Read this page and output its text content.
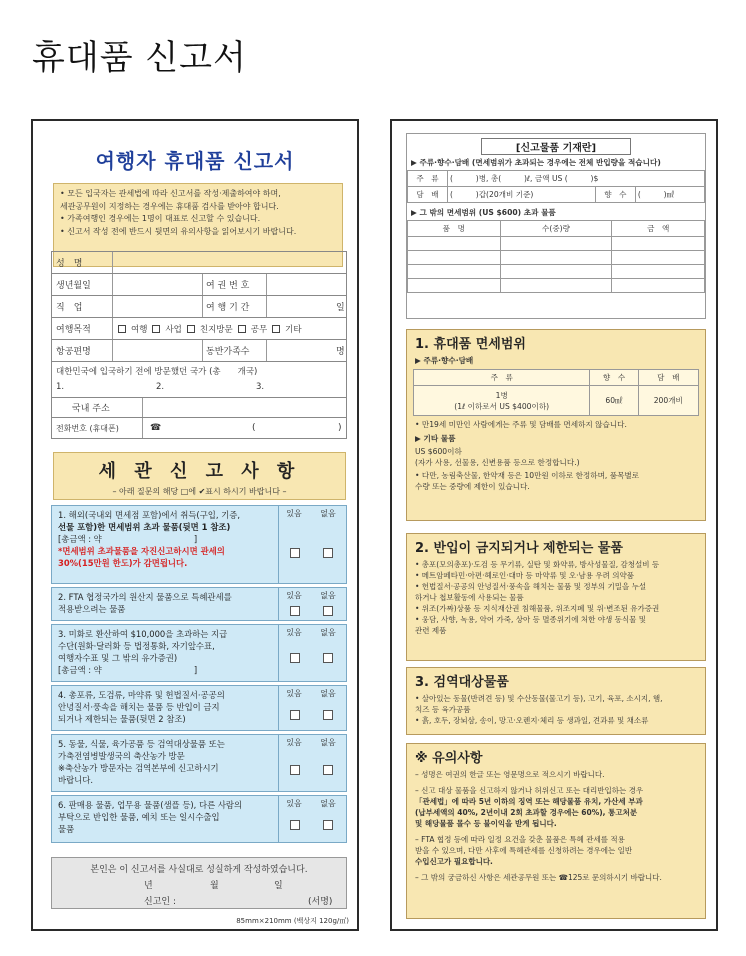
휴대품 신고서
여행자 휴대품 신고서

• 모든 입국자는 관세법에 따라 신고서를 작성·제출하여야 하며,

세관공무원이 지정하는 경우에는 휴대품 검사를 받아야 합니다.

• 가족여행인 경우에는 1명이 대표로 신고할 수 있습니다.

• 신고서 작성 전에 반드시 뒷면의 유의사항을 읽어보시기 바랍니다.

성　명
생년월일	여 권 번 호
직　업	여 행 기 간	일
여행목적	여행 사업 친지방문 공무 기타
항공편명	동반가족수	명
대한민국에 입국하기 전에 방문했던 국가 (총　　개국)
1.	2.	3.
국내 주소
전화번호 (휴대폰)	☎	(	)
세 관 신 고 사 항
– 아래 질문의 해당 □에 ✔표시 하시기 바랍니다 –
1. 해외(국내외 면세점 포함)에서 취득(구입, 기증,
선물 포함)한 면세범위 초과 물품(뒷면 1 참조)
[총금액 : 약　　　　　　　　　　　]
*면세범위 초과물품을 자진신고하시면 관세의
30%(15만원 한도)가 감면됩니다.
있음	없음
2. FTA 협정국가의 원산지 물품으로 특혜관세를
적용받으려는 물품
있음	없음
3. 미화로 환산하여 $10,000을 초과하는 지급
수단(원화·달러화 등 법정통화, 자기앞수표,
여행자수표 및 그 밖의 유가증권)
[총금액 : 약　　　　　　　　　　　]
있음	없음
4. 총포류, 도검류, 마약류 및 헌법질서·공공의
안녕질서·풍속을 해치는 물품 등 반입이 금지
되거나 제한되는 물품(뒷면 2 참조)
있음	없음
5. 동물, 식물, 육가공품 등 검역대상물품 또는
가축전염병발생국의 축산농가 방문
※축산농가 방문자는 검역본부에 신고하시기
바랍니다.
있음	없음
6. 판매용 물품, 업무용 물품(샘플 등), 다른 사람의
부탁으로 반입한 물품, 예치 또는 일시수출입
물품
있음	없음
본인은 이 신고서를 사실대로 성실하게 작성하였습니다.
년	월	일
신고인 :	(서명)
85mm×210mm (백상지 120g/㎡)
[신고물품 기재란]
▶ 주류·향수·담배 (면세범위가 초과되는 경우에는 전체 반입량을 적습니다)
주　류	(　　　)병, 총(　　　)ℓ, 금액 US (　　　)$		
담　배	(　　　)갑(20개비 기준)	향　수	(　　　)㎖
▶ 그 밖의 면세범위 (US $600) 초과 물품
품　명	수(중)량	금　액

1. 휴대품 면세범위
▶ 주류·향수·담배
주　류	향　수	담　배
1병
(1ℓ 이하로서 US $400이하)	60㎖	200개비
• 만19세 미만인 사람에게는 주류 및 담배를 면세하지 않습니다.
▶ 기타 물품
US $600이하
(자가 사용, 선물용, 신변용품 등으로 한정합니다.)
• 다만, 농림축산물, 한약재 등은 10만원 이하로 한정하며, 품목별로
수량 또는 중량에 제한이 있습니다.
2. 반입이 금지되거나 제한되는 물품
• 총포(모의총포)·도검 등 무기류, 실탄 및 화약류, 방사성물질, 감청설비 등
• 메트암페타민·아편·헤로인·대마 등 마약류 및 오·남용 우려 의약품
• 헌법질서·공공의 안녕질서·풍속을 해치는 물품 및 정부의 기밀을 누설
하거나 첩보활동에 사용되는 물품
• 위조(가짜)상품 등 지식재산권 침해물품, 위조지폐 및 위·변조된 유가증권
• 웅담, 사향, 녹용, 악어 가죽, 상아 등 멸종위기에 처한 야생 동식물 및
관련 제품
3. 검역대상물품
• 살아있는 동물(반려견 등) 및 수산동물(물고기 등), 고기, 육포, 소시지, 햄,
치즈 등 육가공품
• 흙, 호두, 장뇌삼, 송이, 망고·오렌지·체리 등 생과일, 견과류 및 채소류
※ 유의사항
– 성명은 여권의 한글 또는 영문명으로 적으시기 바랍니다.
– 신고 대상 물품을 신고하지 않거나 허위신고 또는 대리반입하는 경우
「관세법」에 따라 5년 이하의 징역 또는 해당물품 유치, 가산세 부과
(납부세액의 40%, 2년이내 2회 초과할 경우에는 60%), 통고처분
및 해당물품 몰수 등 불이익을 받게 됩니다.
– FTA 협정 등에 따라 일정 요건을 갖춘 물품은 특혜 관세를 적용
받을 수 있으며, 다만 사후에 특혜관세를 신청하려는 경우에는 일반
수입신고가 필요합니다.
– 그 밖의 궁금하신 사항은 세관공무원 또는 ☎125로 문의하시기 바랍니다.
